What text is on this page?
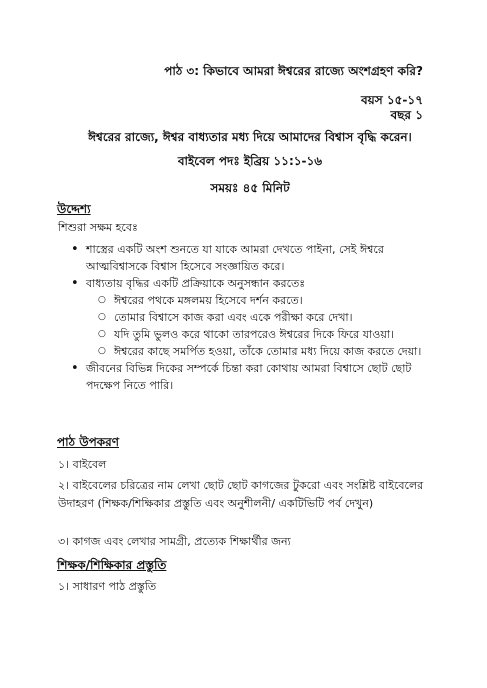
পাঠ ৩: কিভাবে আমরা ঈশ্বরের রাজ্যে অংশগ্রহণ করি?
বয়স ১৫-১৭
বছর ১
ঈশ্বরের রাজ্যে, ঈশ্বর বাধ্যতার মধ্য দিয়ে আমাদের বিশ্বাস বৃদ্ধি করেন।
বাইবেল পদঃ ইব্রিয় ১১:১-১৬
সময়ঃ ৪৫ মিনিট
উদ্দেশ্য
শিশুরা সক্ষম হবেঃ
• শাস্ত্রের একটি অংশ শুনতে যা যাকে আমরা দেখতে পাইনা, সেই ঈশ্বরে আত্মবিশ্বাসকে বিশ্বাস হিসেবে সংজ্ঞায়িত করে।
• বাধ্যতায় বৃদ্ধির একটি প্রক্রিয়াকে অনুসন্ধান করতেঃ
○ ঈশ্বরের পথকে মঙ্গলময় হিসেবে দর্শন করতে।
○ তোমার বিশ্বাসে কাজ করা এবং একে পরীক্ষা করে দেখা।
○ যদি তুমি ভুলও করে থাকো তারপরেও ঈশ্বরের দিকে ফিরে যাওয়া।
○ ঈশ্বরের কাছে সমর্পিত হওয়া, তাঁকে তোমার মধ্য দিয়ে কাজ করতে দেয়া।
• জীবনের বিভিন্ন দিকের সম্পর্কে চিন্তা করা কোথায় আমরা বিশ্বাসে ছোট ছোট পদক্ষেপ নিতে পারি।
পাঠ উপকরণ
১। বাইবেল
২। বাইবেলের চরিত্রের নাম লেখা ছোট ছোট কাগজের টুকরো এবং সংশ্লিষ্ট বাইবেলের উদাহরণ (শিক্ষক/শিক্ষিকার প্রস্তুতি এবং অনুশীলনী/ একটিভিটি পর্ব দেখুন)
৩। কাগজ এবং লেখার সামগ্রী, প্রত্যেক শিক্ষার্থীর জন্য
শিক্ষক/শিক্ষিকার প্রস্তুতি
১। সাধারণ পাঠ প্রস্তুতি
